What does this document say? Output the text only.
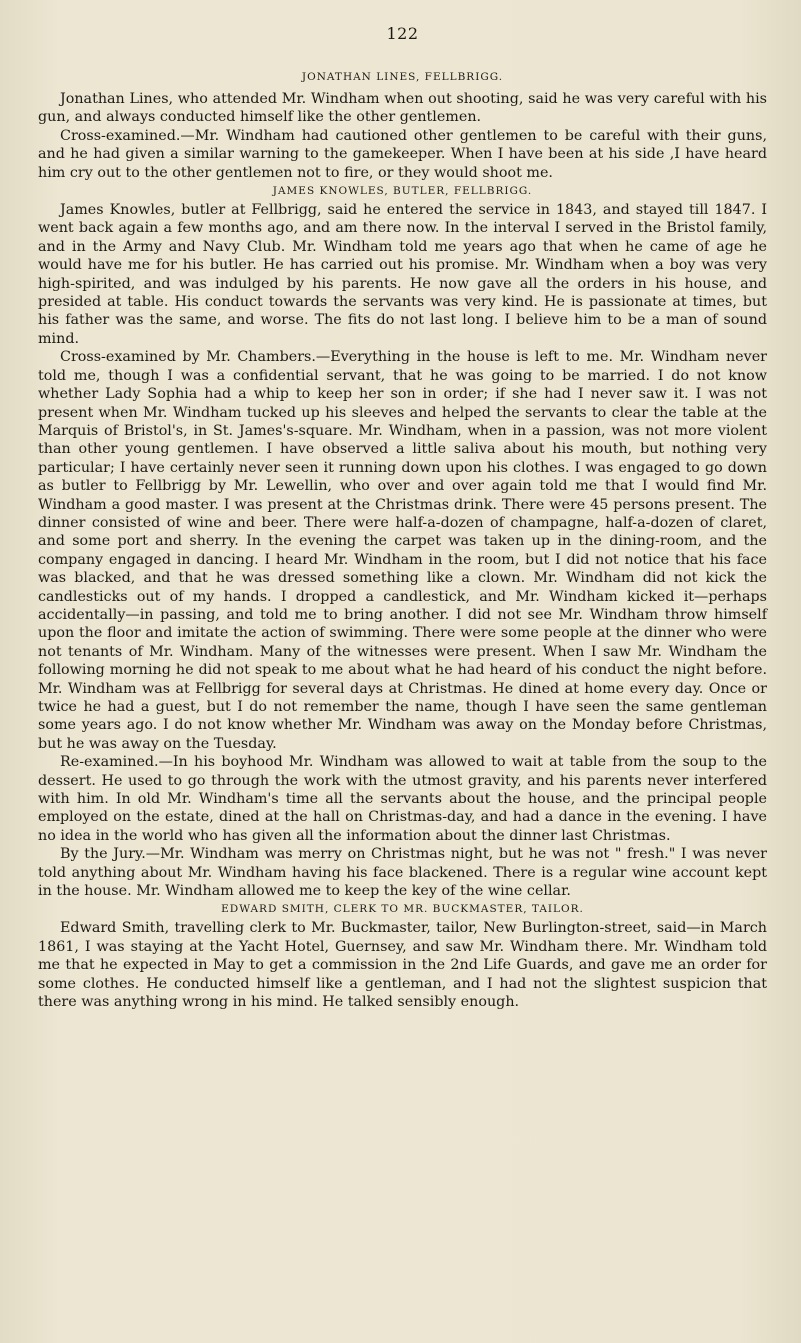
122
JONATHAN LINES, FELLBRIGG.

Jonathan Lines, who attended Mr. Windham when out shooting, said he was very careful with his gun, and always conducted himself like the other gentlemen.

Cross-examined.—Mr. Windham had cautioned other gentlemen to be careful with their guns, and he had given a similar warning to the gamekeeper. When I have been at his side ,I have heard him cry out to the other gentlemen not to fire, or they would shoot me.

JAMES KNOWLES, BUTLER, FELLBRIGG.

James Knowles, butler at Fellbrigg, said he entered the service in 1843, and stayed till 1847. I went back again a few months ago, and am there now. In the interval I served in the Bristol family, and in the Army and Navy Club. Mr. Windham told me years ago that when he came of age he would have me for his butler. He has carried out his promise. Mr. Windham when a boy was very high-spirited, and was indulged by his parents. He now gave all the orders in his house, and presided at table. His conduct towards the servants was very kind. He is passionate at times, but his father was the same, and worse. The fits do not last long. I believe him to be a man of sound mind.

Cross-examined by Mr. Chambers.—Everything in the house is left to me. Mr. Windham never told me, though I was a confidential servant, that he was going to be married. I do not know whether Lady Sophia had a whip to keep her son in order; if she had I never saw it. I was not present when Mr. Windham tucked up his sleeves and helped the servants to clear the table at the Marquis of Bristol's, in St. James's-square. Mr. Windham, when in a passion, was not more violent than other young gentlemen. I have observed a little saliva about his mouth, but nothing very particular; I have certainly never seen it running down upon his clothes. I was engaged to go down as butler to Fellbrigg by Mr. Lewellin, who over and over again told me that I would find Mr. Windham a good master. I was present at the Christmas drink. There were 45 persons present. The dinner consisted of wine and beer. There were half-a-dozen of champagne, half-a-dozen of claret, and some port and sherry. In the evening the carpet was taken up in the dining-room, and the company engaged in dancing. I heard Mr. Windham in the room, but I did not notice that his face was blacked, and that he was dressed something like a clown. Mr. Windham did not kick the candlesticks out of my hands. I dropped a candlestick, and Mr. Windham kicked it—perhaps accidentally—in passing, and told me to bring another. I did not see Mr. Windham throw himself upon the floor and imitate the action of swimming. There were some people at the dinner who were not tenants of Mr. Windham. Many of the witnesses were present. When I saw Mr. Windham the following morning he did not speak to me about what he had heard of his conduct the night before. Mr. Windham was at Fellbrigg for several days at Christmas. He dined at home every day. Once or twice he had a guest, but I do not remember the name, though I have seen the same gentleman some years ago. I do not know whether Mr. Windham was away on the Monday before Christmas, but he was away on the Tuesday.

Re-examined.—In his boyhood Mr. Windham was allowed to wait at table from the soup to the dessert. He used to go through the work with the utmost gravity, and his parents never interfered with him. In old Mr. Windham's time all the servants about the house, and the principal people employed on the estate, dined at the hall on Christmas-day, and had a dance in the evening. I have no idea in the world who has given all the information about the dinner last Christmas.

By the Jury.—Mr. Windham was merry on Christmas night, but he was not " fresh." I was never told anything about Mr. Windham having his face blackened. There is a regular wine account kept in the house. Mr. Windham allowed me to keep the key of the wine cellar.

EDWARD SMITH, CLERK TO MR. BUCKMASTER, TAILOR.

Edward Smith, travelling clerk to Mr. Buckmaster, tailor, New Burlington-street, said—in March 1861, I was staying at the Yacht Hotel, Guernsey, and saw Mr. Windham there. Mr. Windham told me that he expected in May to get a commission in the 2nd Life Guards, and gave me an order for some clothes. He conducted himself like a gentleman, and I had not the slightest suspicion that there was anything wrong in his mind. He talked sensibly enough.
